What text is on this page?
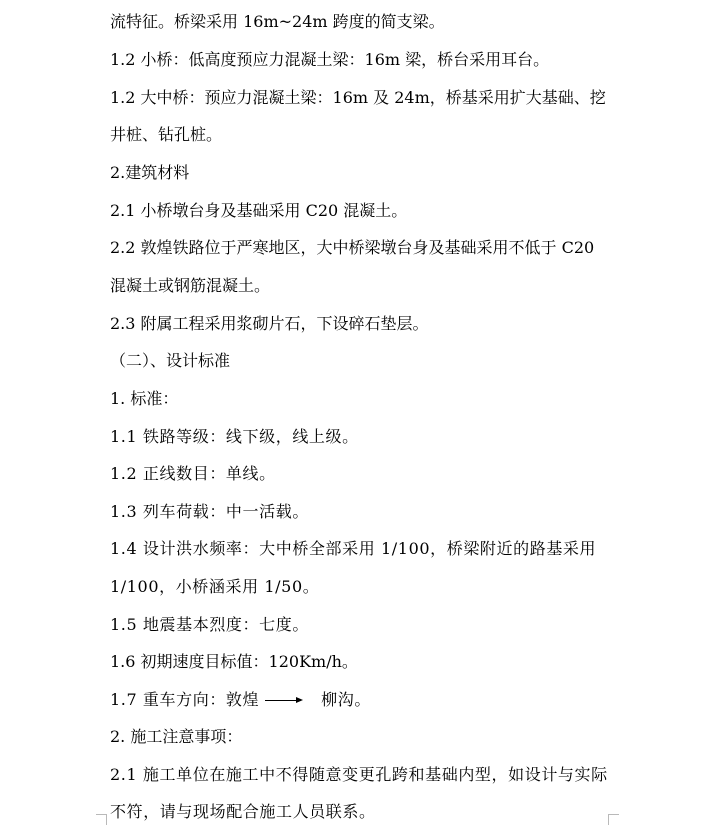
流特征。桥梁采用 16m~24m 跨度的简支梁。
1.2 小桥：低高度预应力混凝土梁：16m 梁，桥台采用耳台。
1.2 大中桥：预应力混凝土梁：16m 及 24m，桥基采用扩大基础、挖
井桩、钻孔桩。
2.建筑材料
2.1 小桥墩台身及基础采用 C20 混凝土。
2.2 敦煌铁路位于严寒地区，大中桥梁墩台身及基础采用不低于 C20
混凝土或钢筋混凝土。
2.3 附属工程采用浆砌片石，下设碎石垫层。
（二）、设计标准
1. 标准：
1.1 铁路等级：线下级，线上级。
1.2 正线数目：单线。
1.3 列车荷载：中一活载。
1.4 设计洪水频率：大中桥全部采用 1/100，桥梁附近的路基采用
1/100，小桥涵采用 1/50。
1.5 地震基本烈度：七度。
1.6 初期速度目标值：120Km/h。
1.7 重车方向：敦煌	柳沟。
2. 施工注意事项：
2.1 施工单位在施工中不得随意变更孔跨和基础内型，如设计与实际
不符，请与现场配合施工人员联系。
